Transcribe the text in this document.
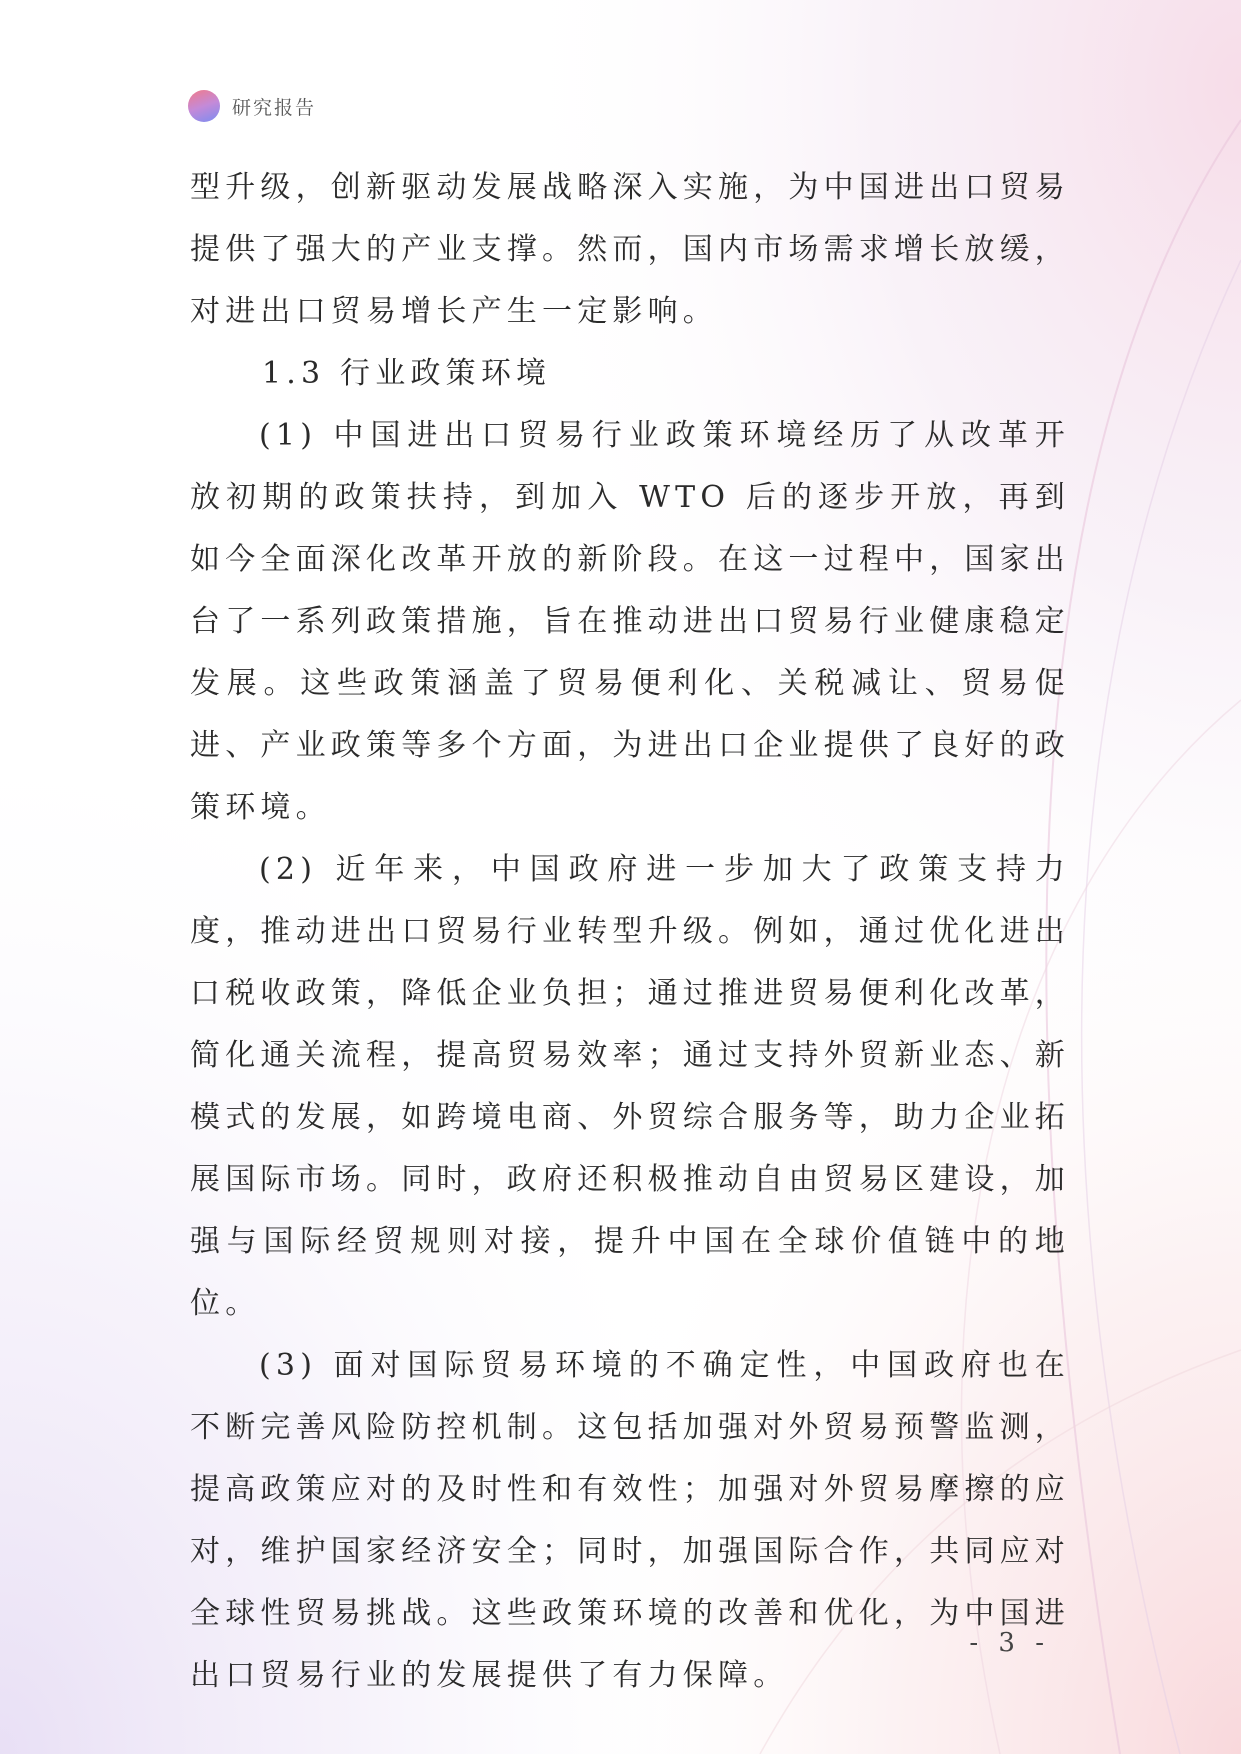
研究报告

型升级，创新驱动发展战略深入实施，为中国进出口贸易提供了强大的产业支撑。然而，国内市场需求增长放缓，对进出口贸易增长产生一定影响。

1.3 行业政策环境

(1) 中国进出口贸易行业政策环境经历了从改革开放初期的政策扶持，到加入 WTO 后的逐步开放，再到如今全面深化改革开放的新阶段。在这一过程中，国家出台了一系列政策措施，旨在推动进出口贸易行业健康稳定发展。这些政策涵盖了贸易便利化、关税减让、贸易促进、产业政策等多个方面，为进出口企业提供了良好的政策环境。

(2) 近年来，中国政府进一步加大了政策支持力度，推动进出口贸易行业转型升级。例如，通过优化进出口税收政策，降低企业负担；通过推进贸易便利化改革，简化通关流程，提高贸易效率；通过支持外贸新业态、新模式的发展，如跨境电商、外贸综合服务等，助力企业拓展国际市场。同时，政府还积极推动自由贸易区建设，加强与国际经贸规则对接，提升中国在全球价值链中的地位。

(3) 面对国际贸易环境的不确定性，中国政府也在不断完善风险防控机制。这包括加强对外贸易预警监测，提高政策应对的及时性和有效性；加强对外贸易摩擦的应对，维护国家经济安全；同时，加强国际合作，共同应对全球性贸易挑战。这些政策环境的改善和优化，为中国进出口贸易行业的发展提供了有力保障。

- 3 -
